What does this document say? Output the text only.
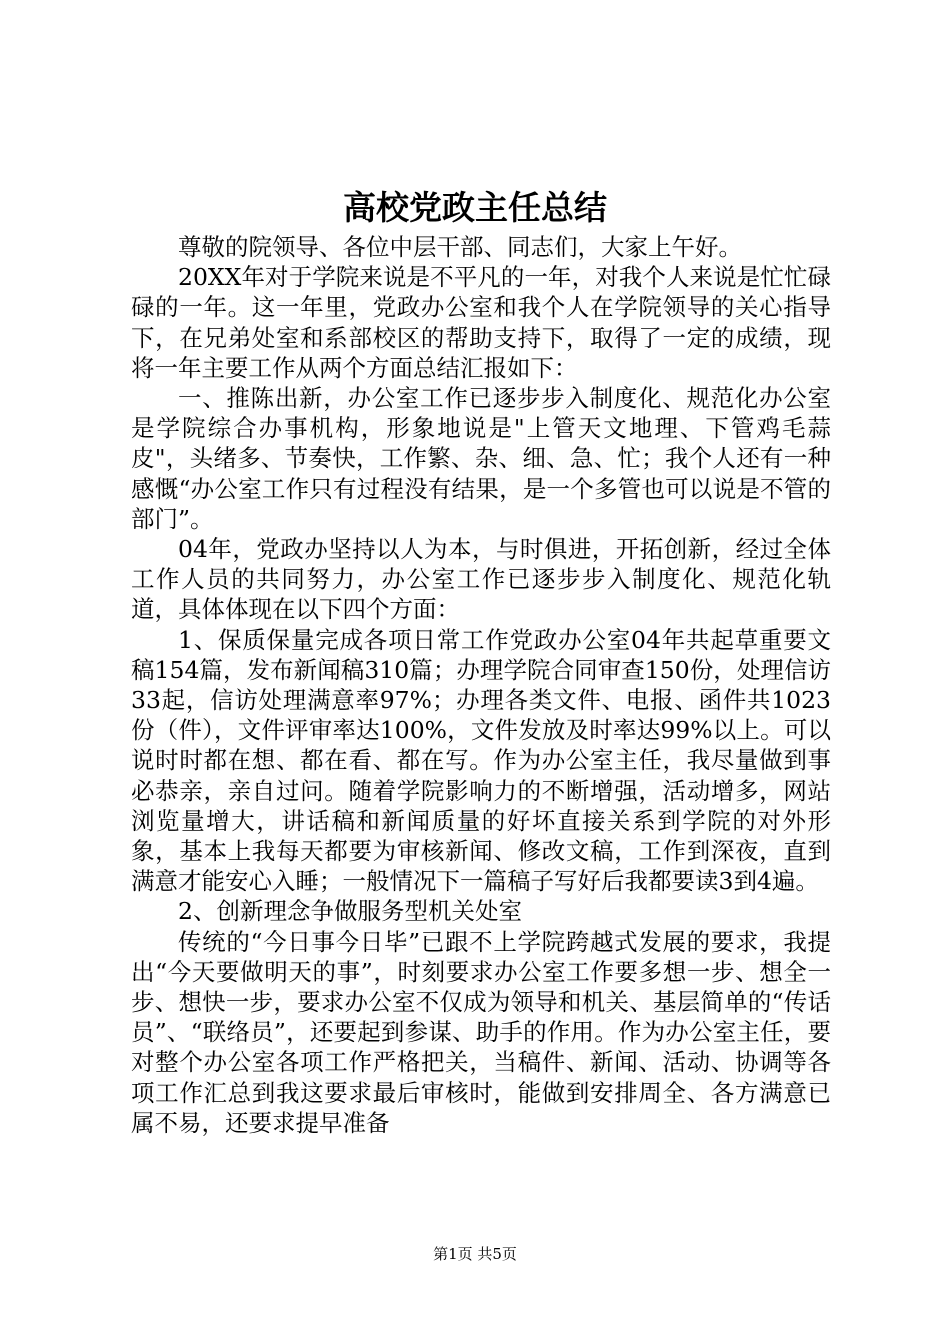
高校党政主任总结

尊敬的院领导、各位中层干部、同志们，大家上午好。

20XX年对于学院来说是不平凡的一年，对我个人来说是忙忙碌碌的一年。这一年里，党政办公室和我个人在学院领导的关心指导下，在兄弟处室和系部校区的帮助支持下，取得了一定的成绩，现将一年主要工作从两个方面总结汇报如下：

一、推陈出新，办公室工作已逐步步入制度化、规范化办公室是学院综合办事机构，形象地说是"上管天文地理、下管鸡毛蒜皮"，头绪多、节奏快，工作繁、杂、细、急、忙；我个人还有一种感慨“办公室工作只有过程没有结果，是一个多管也可以说是不管的部门”。

04年，党政办坚持以人为本，与时俱进，开拓创新，经过全体工作人员的共同努力，办公室工作已逐步步入制度化、规范化轨道，具体体现在以下四个方面：

1、保质保量完成各项日常工作党政办公室04年共起草重要文稿154篇，发布新闻稿310篇；办理学院合同审查150份，处理信访33起，信访处理满意率97%；办理各类文件、电报、函件共1023份（件），文件评审率达100%，文件发放及时率达99%以上。可以说时时都在想、都在看、都在写。作为办公室主任，我尽量做到事必恭亲，亲自过问。随着学院影响力的不断增强，活动增多，网站浏览量增大，讲话稿和新闻质量的好坏直接关系到学院的对外形象，基本上我每天都要为审核新闻、修改文稿，工作到深夜，直到满意才能安心入睡；一般情况下一篇稿子写好后我都要读3到4遍。

2、创新理念争做服务型机关处室

传统的“今日事今日毕”已跟不上学院跨越式发展的要求，我提出“今天要做明天的事”，时刻要求办公室工作要多想一步、想全一步、想快一步，要求办公室不仅成为领导和机关、基层简单的“传话员”、“联络员”，还要起到参谋、助手的作用。作为办公室主任，要对整个办公室各项工作严格把关，当稿件、新闻、活动、协调等各项工作汇总到我这要求最后审核时，能做到安排周全、各方满意已属不易，还要求提早准备

第1页 共5页
